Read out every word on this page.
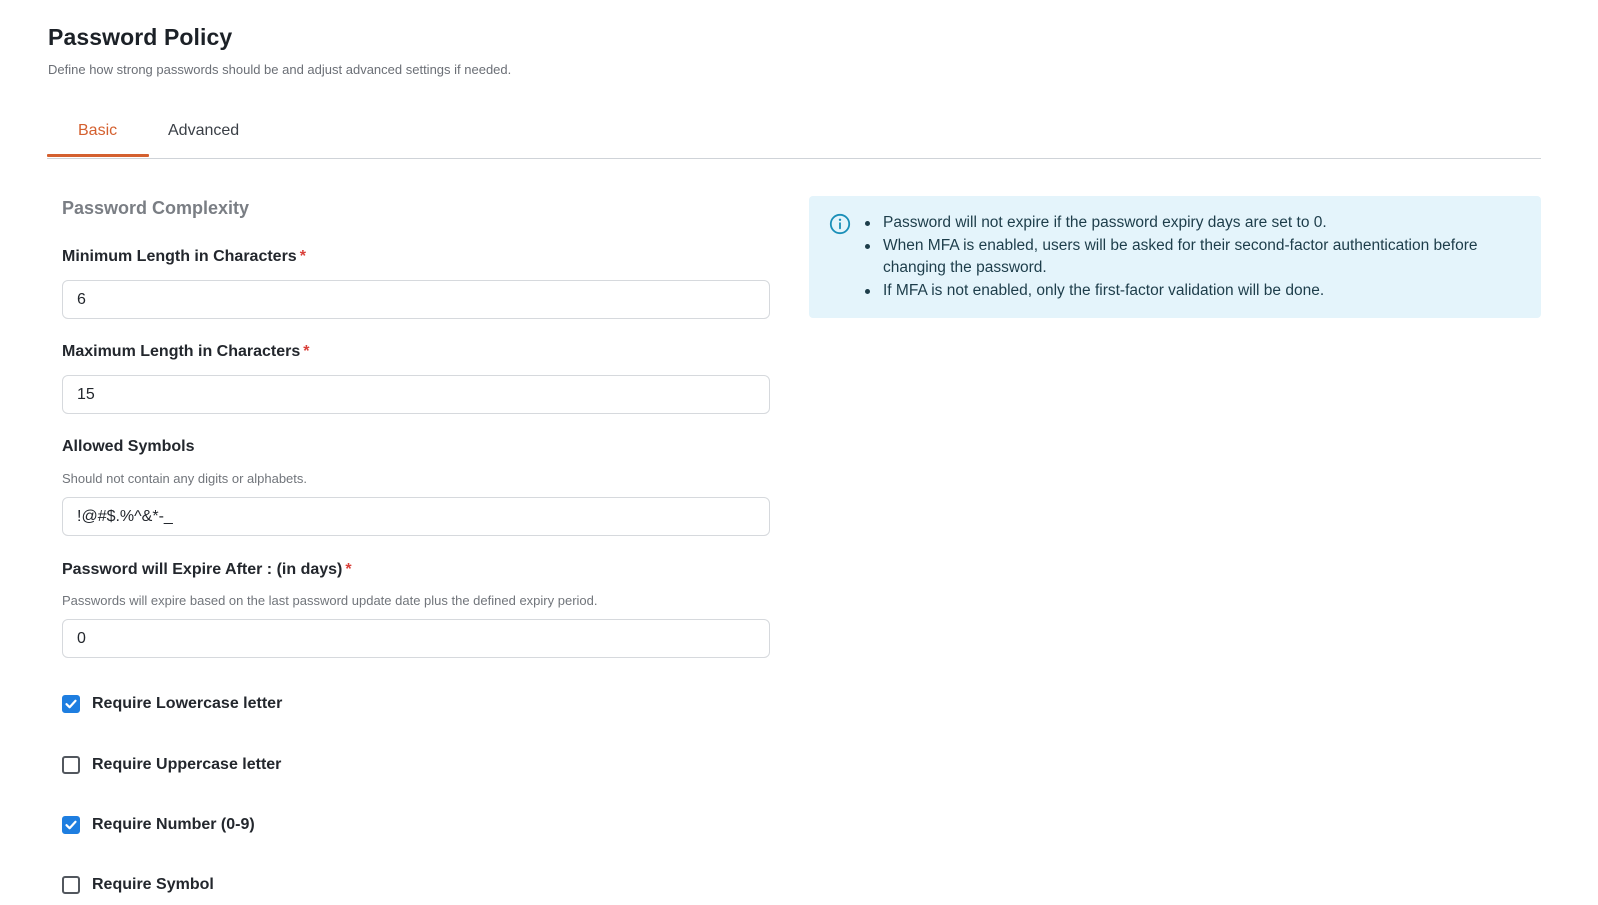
Password Policy

Define how strong passwords should be and adjust advanced settings if needed.

Basic	Advanced
Password Complexity
Minimum Length in Characters *
6
Maximum Length in Characters *
15
Allowed Symbols

Should not contain any digits or alphabets.

!@#$.%^&*-_
Password will Expire After : (in days) *

Passwords will expire based on the last password update date plus the defined expiry period.

0
Require Lowercase letter
Require Uppercase letter
Require Number (0-9)
Require Symbol
Password will not expire if the password expiry days are set to 0.
When MFA is enabled, users will be asked for their second-factor authentication before changing the password.
If MFA is not enabled, only the first-factor validation will be done.
